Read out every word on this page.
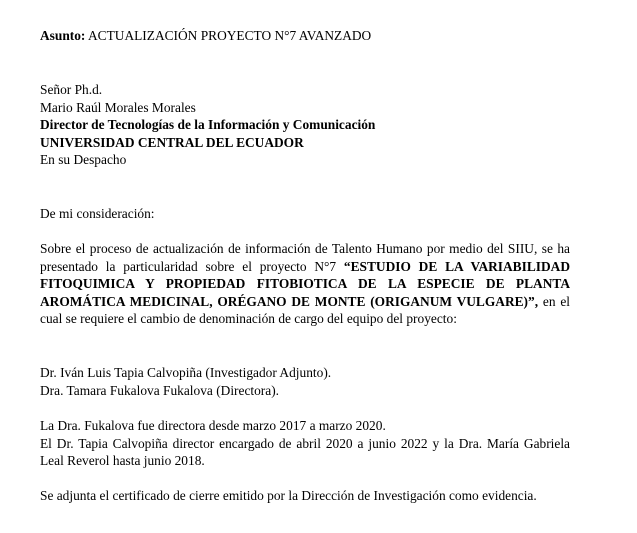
Asunto: ACTUALIZACIÓN PROYECTO N°7 AVANZADO
Señor Ph.d.
Mario Raúl Morales Morales
Director de Tecnologías de la Información y Comunicación
UNIVERSIDAD CENTRAL DEL ECUADOR
En su Despacho
De mi consideración:
Sobre el proceso de actualización de información de Talento Humano por medio del SIIU, se ha presentado la particularidad sobre el proyecto N°7 “ESTUDIO DE LA VARIABILIDAD FITOQUIMICA Y PROPIEDAD FITOBIOTICA DE LA ESPECIE DE PLANTA AROMÁTICA MEDICINAL, ORÉGANO DE MONTE (ORIGANUM VULGARE)”, en el cual se requiere el cambio de denominación de cargo del equipo del proyecto:
Dr. Iván Luis Tapia Calvopiña (Investigador Adjunto).
Dra. Tamara Fukalova Fukalova (Directora).
La Dra. Fukalova fue directora desde marzo 2017 a marzo 2020.
El Dr. Tapia Calvopiña director encargado de abril 2020 a junio 2022 y la Dra. María Gabriela Leal Reverol hasta junio 2018.
Se adjunta el certificado de cierre emitido por la Dirección de Investigación como evidencia.
